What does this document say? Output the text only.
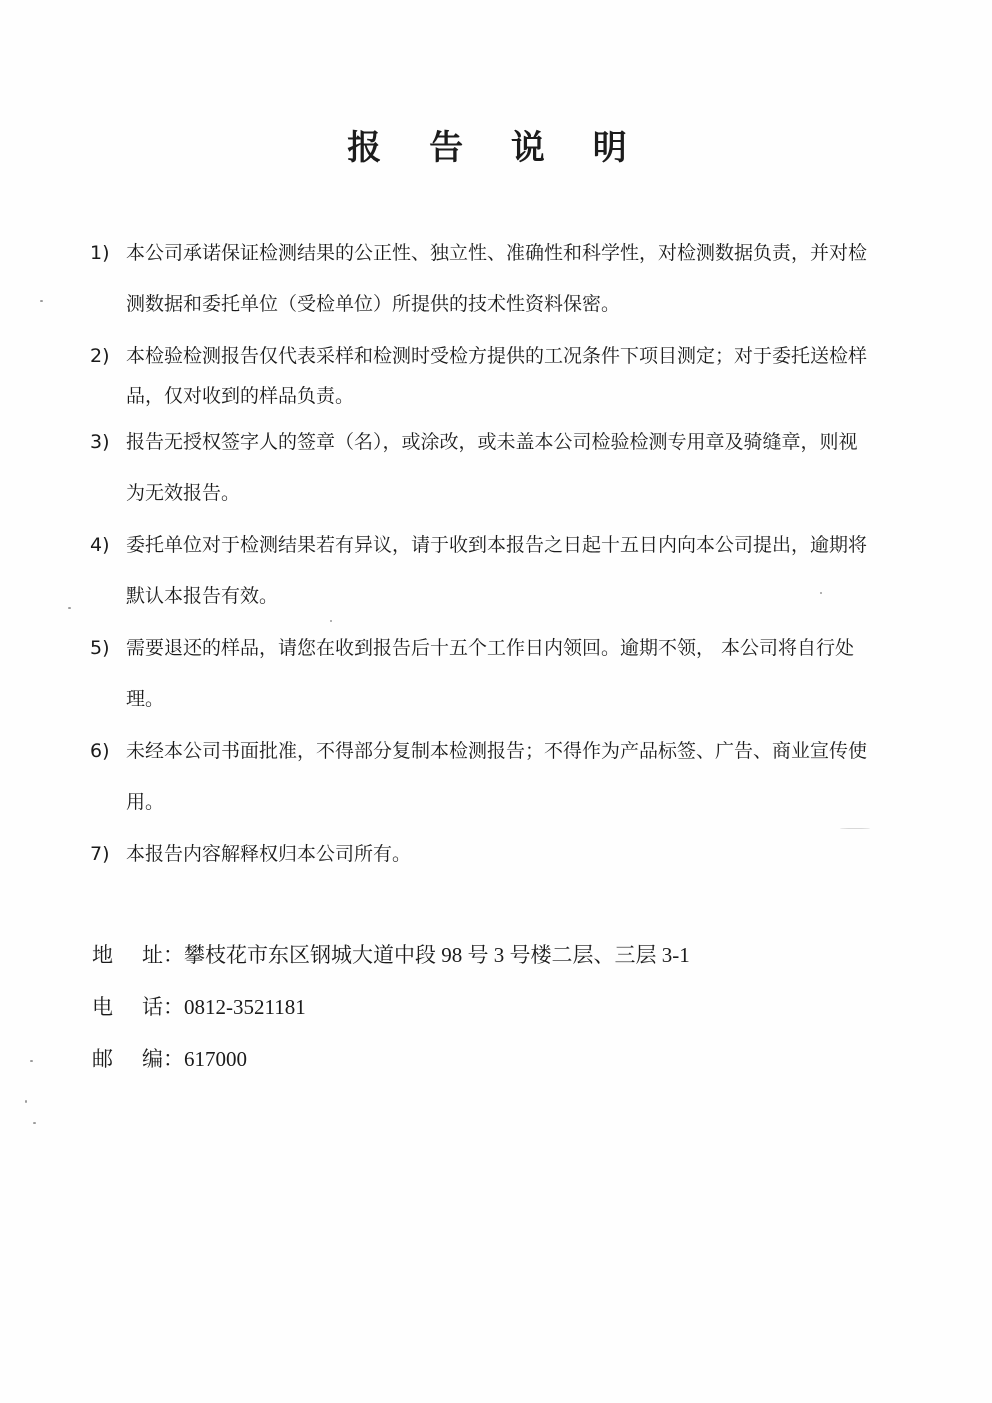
报 告 说 明
1) 本公司承诺保证检测结果的公正性、独立性、准确性和科学性，对检测数据负责，并对检
测数据和委托单位（受检单位）所提供的技术性资料保密。
2) 本检验检测报告仅代表采样和检测时受检方提供的工况条件下项目测定；对于委托送检样
品，仅对收到的样品负责。
3) 报告无授权签字人的签章（名），或涂改，或未盖本公司检验检测专用章及骑缝章，则视
为无效报告。
4) 委托单位对于检测结果若有异议，请于收到本报告之日起十五日内向本公司提出，逾期将
默认本报告有效。
5) 需要退还的样品，请您在收到报告后十五个工作日内领回。逾期不领， 本公司将自行处
理。
6) 未经本公司书面批准，不得部分复制本检测报告；不得作为产品标签、广告、商业宣传使
用。
7) 本报告内容解释权归本公司所有。
地 址： 攀枝花市东区钢城大道中段 98 号 3 号楼二层、三层 3-1
电 话： 0812-3521181
邮 编： 617000
